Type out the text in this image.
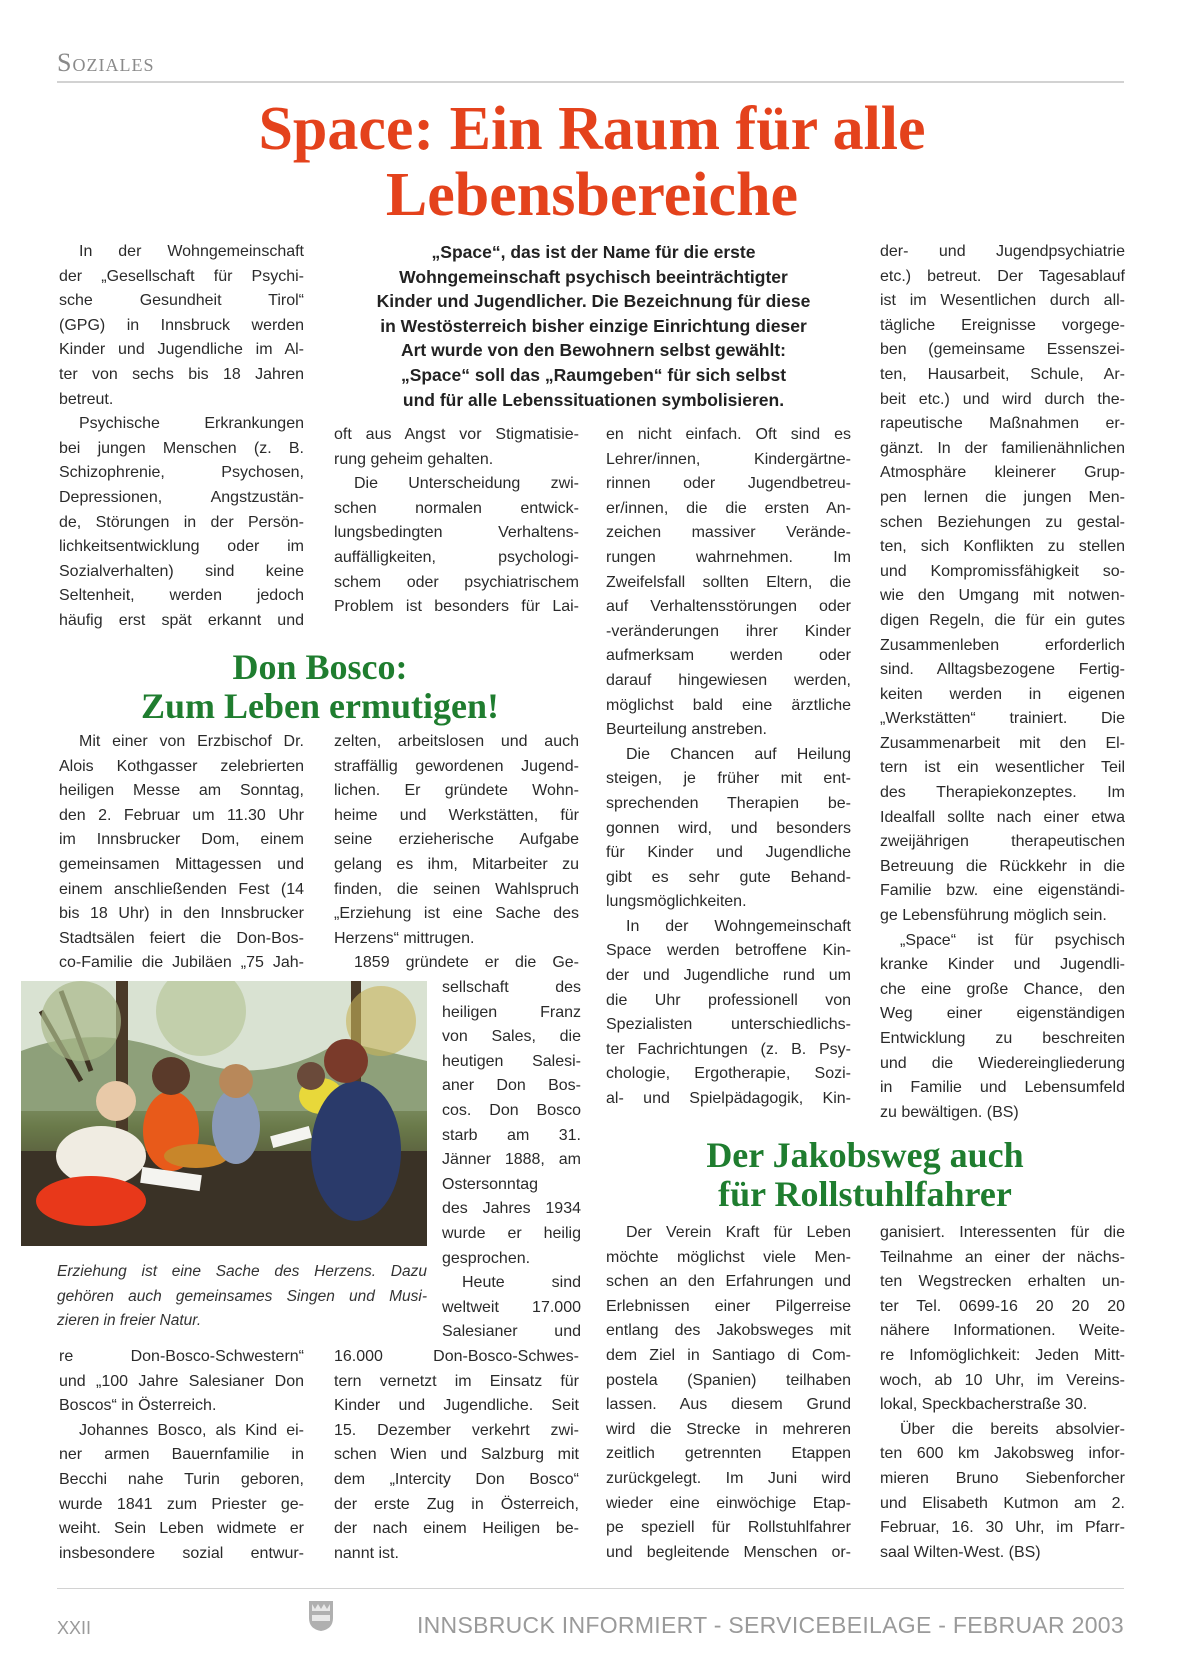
Soziales
Space: Ein Raum für alle
Lebensbereiche
„Space“, das ist der Name für die erste
Wohngemeinschaft psychisch beeinträchtigter
Kinder und Jugendlicher. Die Bezeichnung für diese
in Westösterreich bisher einzige Einrichtung dieser
Art wurde von den Bewohnern selbst gewählt:
„Space“ soll das „Raumgeben“ für sich selbst
und für alle Lebenssituationen symbolisieren.
In der Wohngemeinschaft
der „Gesellschaft für Psychi-
sche Gesundheit Tirol“
(GPG) in Innsbruck werden
Kinder und Jugendliche im Al-
ter von sechs bis 18 Jahren
betreut.
Psychische Erkrankungen
bei jungen Menschen (z. B.
Schizophrenie, Psychosen,
Depressionen, Angstzustän-
de, Störungen in der Persön-
lichkeitsentwicklung oder im
Sozialverhalten) sind keine
Seltenheit, werden jedoch
häufig erst spät erkannt und
oft aus Angst vor Stigmatisie-
rung geheim gehalten.
Die Unterscheidung zwi-
schen normalen entwick-
lungsbedingten Verhaltens-
auffälligkeiten, psychologi-
schem oder psychiatrischem
Problem ist besonders für Lai-
en nicht einfach. Oft sind es
Lehrer/innen, Kindergärtne-
rinnen oder Jugendbetreu-
er/innen, die die ersten An-
zeichen massiver Verände-
rungen wahrnehmen. Im
Zweifelsfall sollten Eltern, die
auf Verhaltensstörungen oder
-veränderungen ihrer Kinder
aufmerksam werden oder
darauf hingewiesen werden,
möglichst bald eine ärztliche
Beurteilung anstreben.
Die Chancen auf Heilung
steigen, je früher mit ent-
sprechenden Therapien be-
gonnen wird, und besonders
für Kinder und Jugendliche
gibt es sehr gute Behand-
lungsmöglichkeiten.
In der Wohngemeinschaft
Space werden betroffene Kin-
der und Jugendliche rund um
die Uhr professionell von
Spezialisten unterschiedlichs-
ter Fachrichtungen (z. B. Psy-
chologie, Ergotherapie, Sozi-
al- und Spielpädagogik, Kin-
der- und Jugendpsychiatrie
etc.) betreut. Der Tagesablauf
ist im Wesentlichen durch all-
tägliche Ereignisse vorgege-
ben (gemeinsame Essenszei-
ten, Hausarbeit, Schule, Ar-
beit etc.) und wird durch the-
rapeutische Maßnahmen er-
gänzt. In der familienähnlichen
Atmosphäre kleinerer Grup-
pen lernen die jungen Men-
schen Beziehungen zu gestal-
ten, sich Konflikten zu stellen
und Kompromissfähigkeit so-
wie den Umgang mit notwen-
digen Regeln, die für ein gutes
Zusammenleben erforderlich
sind. Alltagsbezogene Fertig-
keiten werden in eigenen
„Werkstätten“ trainiert. Die
Zusammenarbeit mit den El-
tern ist ein wesentlicher Teil
des Therapiekonzeptes. Im
Idealfall sollte nach einer etwa
zweijährigen therapeutischen
Betreuung die Rückkehr in die
Familie bzw. eine eigenständi-
ge Lebensführung möglich sein.
„Space“ ist für psychisch
kranke Kinder und Jugendli-
che eine große Chance, den
Weg einer eigenständigen
Entwicklung zu beschreiten
und die Wiedereingliederung
in Familie und Lebensumfeld
zu bewältigen. (BS)
Don Bosco:
Zum Leben ermutigen!
Mit einer von Erzbischof Dr.
Alois Kothgasser zelebrierten
heiligen Messe am Sonntag,
den 2. Februar um 11.30 Uhr
im Innsbrucker Dom, einem
gemeinsamen Mittagessen und
einem anschließenden Fest (14
bis 18 Uhr) in den Innsbrucker
Stadtsälen feiert die Don-Bos-
co-Familie die Jubiläen „75 Jah-
zelten, arbeitslosen und auch
straffällig gewordenen Jugend-
lichen. Er gründete Wohn-
heime und Werkstätten, für
seine erzieherische Aufgabe
gelang es ihm, Mitarbeiter zu
finden, die seinen Wahlspruch
„Erziehung ist eine Sache des
Herzens“ mittrugen.
1859 gründete er die Ge-
sellschaft des
heiligen Franz
von Sales, die
heutigen Salesi-
aner Don Bos-
cos. Don Bosco
starb am 31.
Jänner 1888, am
Ostersonntag
des Jahres 1934
wurde er heilig
gesprochen.
Heute sind
weltweit 17.000
Salesianer und
re Don-Bosco-Schwestern“
und „100 Jahre Salesianer Don
Boscos“ in Österreich.
Johannes Bosco, als Kind ei-
ner armen Bauernfamilie in
Becchi nahe Turin geboren,
wurde 1841 zum Priester ge-
weiht. Sein Leben widmete er
insbesondere sozial entwur-
16.000 Don-Bosco-Schwes-
tern vernetzt im Einsatz für
Kinder und Jugendliche. Seit
15. Dezember verkehrt zwi-
schen Wien und Salzburg mit
dem „Intercity Don Bosco“
der erste Zug in Österreich,
der nach einem Heiligen be-
nannt ist.
Erziehung ist eine Sache des Herzens. Dazu
gehören auch gemeinsames Singen und Musi-
zieren in freier Natur.
Der Jakobsweg auch
für Rollstuhlfahrer
Der Verein Kraft für Leben
möchte möglichst viele Men-
schen an den Erfahrungen und
Erlebnissen einer Pilgerreise
entlang des Jakobsweges mit
dem Ziel in Santiago di Com-
postela (Spanien) teilhaben
lassen. Aus diesem Grund
wird die Strecke in mehreren
zeitlich getrennten Etappen
zurückgelegt. Im Juni wird
wieder eine einwöchige Etap-
pe speziell für Rollstuhlfahrer
und begleitende Menschen or-
ganisiert. Interessenten für die
Teilnahme an einer der nächs-
ten Wegstrecken erhalten un-
ter Tel. 0699-16 20 20 20
nähere Informationen. Weite-
re Infomöglichkeit: Jeden Mitt-
woch, ab 10 Uhr, im Vereins-
lokal, Speckbacherstraße 30.
Über die bereits absolvier-
ten 600 km Jakobsweg infor-
mieren Bruno Siebenforcher
und Elisabeth Kutmon am 2.
Februar, 16. 30 Uhr, im Pfarr-
saal Wilten-West. (BS)
XXII	INNSBRUCK INFORMIERT - SERVICEBEILAGE - FEBRUAR 2003
